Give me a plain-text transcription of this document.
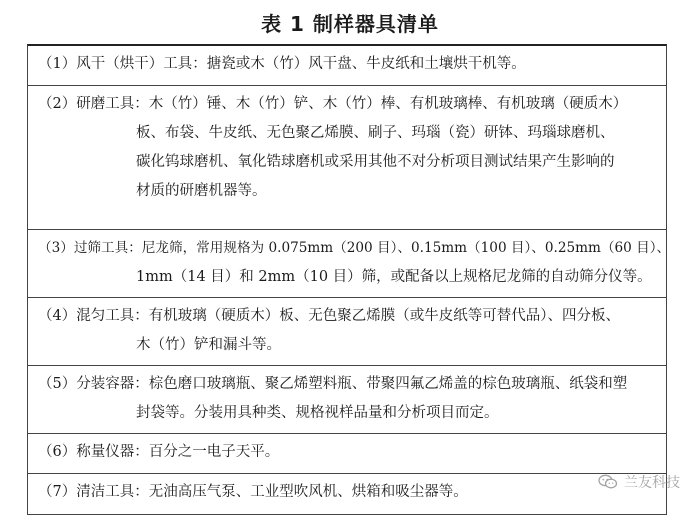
表 1 制样器具清单
（1）风干（烘干）工具：搪瓷或木（竹）风干盘、牛皮纸和土壤烘干机等。
（2）研磨工具：木（竹）锤、木（竹）铲、木（竹）棒、有机玻璃棒、有机玻璃（硬质木）
板、布袋、牛皮纸、无色聚乙烯膜、刷子、玛瑙（瓷）研钵、玛瑙球磨机、
碳化钨球磨机、氧化锆球磨机或采用其他不对分析项目测试结果产生影响的
材质的研磨机器等。
（3）过筛工具：尼龙筛，常用规格为 0.075mm（200 目）、0.15mm（100 目）、0.25mm（60 目）、
1mm（14 目）和 2mm（10 目）筛，或配备以上规格尼龙筛的自动筛分仪等。
（4）混匀工具：有机玻璃（硬质木）板、无色聚乙烯膜（或牛皮纸等可替代品）、四分板、
木（竹）铲和漏斗等。
（5）分装容器：棕色磨口玻璃瓶、聚乙烯塑料瓶、带聚四氟乙烯盖的棕色玻璃瓶、纸袋和塑
封袋等。分装用具种类、规格视样品量和分析项目而定。
（6）称量仪器：百分之一电子天平。
（7）清洁工具：无油高压气泵、工业型吹风机、烘箱和吸尘器等。
兰友科技
